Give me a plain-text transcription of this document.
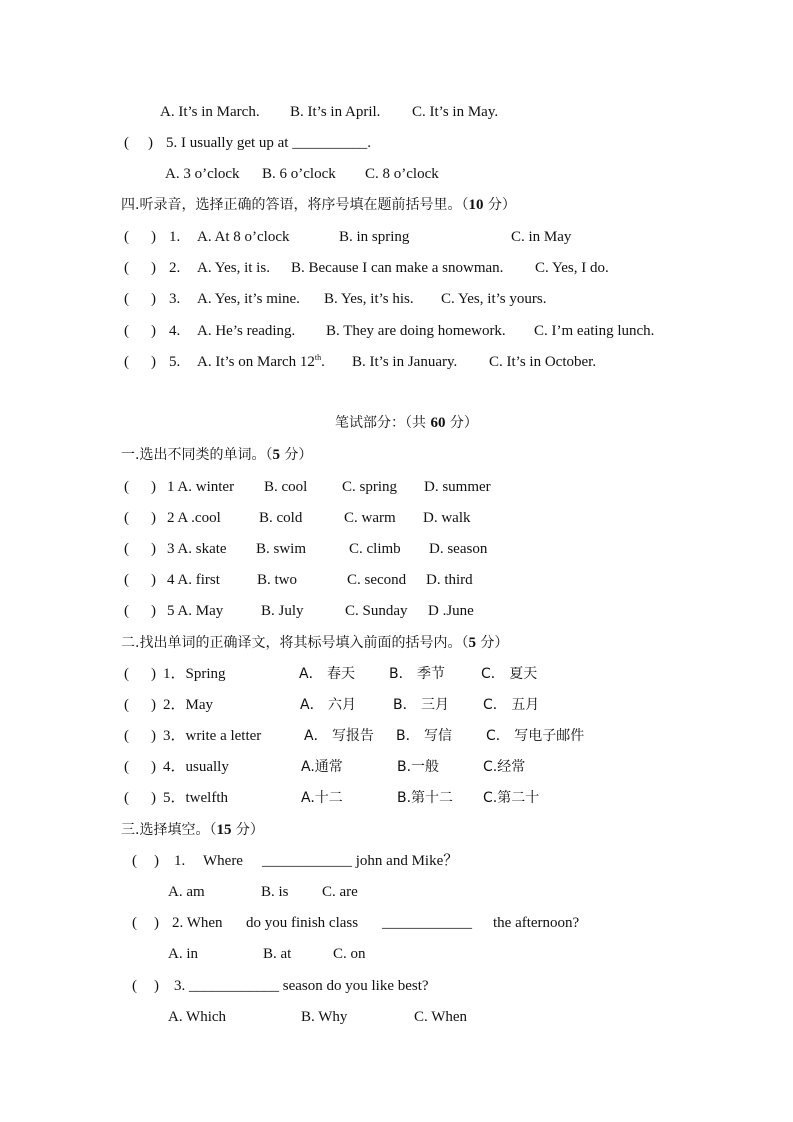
A. It’s in March. B. It’s in April. C. It’s in May.
( 5. I usually get up at __________.
)
A. 3 o’clock B. 6 o’clock C. 8 o’clock
四.听录音，选择正确的答语，将序号填在题前括号里。（10 分）
( ) 1. A. At 8 o’clock	B. in spring	C. in May
( ) 2. A. Yes, it is. B. Because I can make a snowman. C. Yes, I do.
( ) 3. A. Yes, it’s mine. B. Yes, it’s his. C. Yes, it’s yours.
( ) 4. A. He’s reading. B. They are doing homework. C. I’m eating lunch.
( ) 5. A. It’s on March 12th. B. It’s in January. C. It’s in October.
笔试部分：（共 60 分）
一.选出不同类的单词。（5 分）
( ) 1 A. winter B. cool C. spring D. summer
( ) 2 A .cool	B. cold	C. warm D. walk
( ) 3 A. skate B. swim	C. climb D. season
( ) 4 A. first B. two	C. second D. third
( ) 5 A. May	B. July	C. Sunday D .June
二.找出单词的正确译文，将其标号填入前面的括号内。（5 分）
( ) 1．Spring	A． 春天 B． 季节	C． 夏天
( ) 2．May	A． 六月	B． 三月 C． 五月
( ) 3．write a letter	A． 写报告 B． 写信 C． 写电子邮件
( ) 4．usually	A.通常	B.一般	C.经常
( ) 5．twelfth	A.十二	B.第十二 C.第二十
三.选择填空。（15 分）
( ) 1. Where ____________ john and Mike？
A. am	B. is C. are
( ) 2. When do you finish class ____________ the afternoon?
A. in	B. at	C. on
( ) 3. ____________ season do you like best?
A. Which	B. Why	C. When
